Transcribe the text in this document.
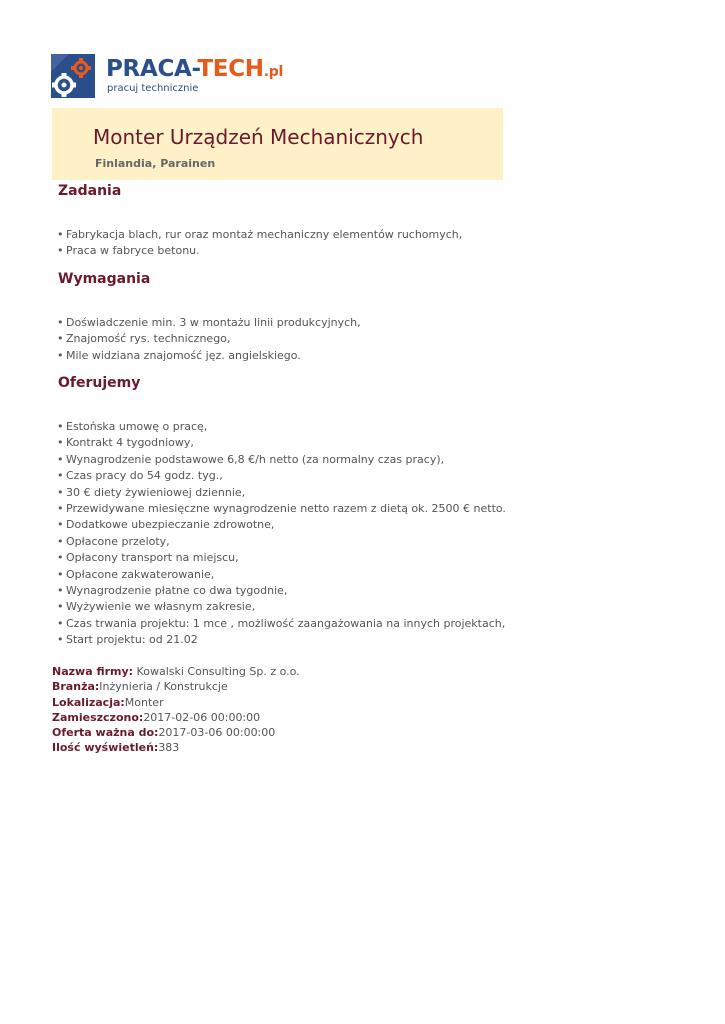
PRACA-TECH.pl
pracuj technicznie
Monter Urządzeń Mechanicznych
Finlandia, Parainen
Zadania
• Fabrykacja blach, rur oraz montaż mechaniczny elementów ruchomych,
• Praca w fabryce betonu.
Wymagania
• Doświadczenie min. 3 w montażu linii produkcyjnych,
• Znajomość rys. technicznego,
• Mile widziana znajomość jęz. angielskiego.
Oferujemy
• Estońska umowę o pracę,
• Kontrakt 4 tygodniowy,
• Wynagrodzenie podstawowe 6,8 €/h netto (za normalny czas pracy),
• Czas pracy do 54 godz. tyg.,
• 30 € diety żywieniowej dziennie,
• Przewidywane miesięczne wynagrodzenie netto razem z dietą ok. 2500 € netto.
• Dodatkowe ubezpieczanie zdrowotne,
• Opłacone przeloty,
• Opłacony transport na miejscu,
• Opłacone zakwaterowanie,
• Wynagrodzenie płatne co dwa tygodnie,
• Wyżywienie we własnym zakresie,
• Czas trwania projektu: 1 mce , możliwość zaangażowania na innych projektach,
• Start projektu: od 21.02
Nazwa firmy: Kowalski Consulting Sp. z o.o.
Branża:Inżynieria / Konstrukcje
Lokalizacja:Monter
Zamieszczono:2017-02-06 00:00:00
Oferta ważna do:2017-03-06 00:00:00
Ilość wyświetleń:383
